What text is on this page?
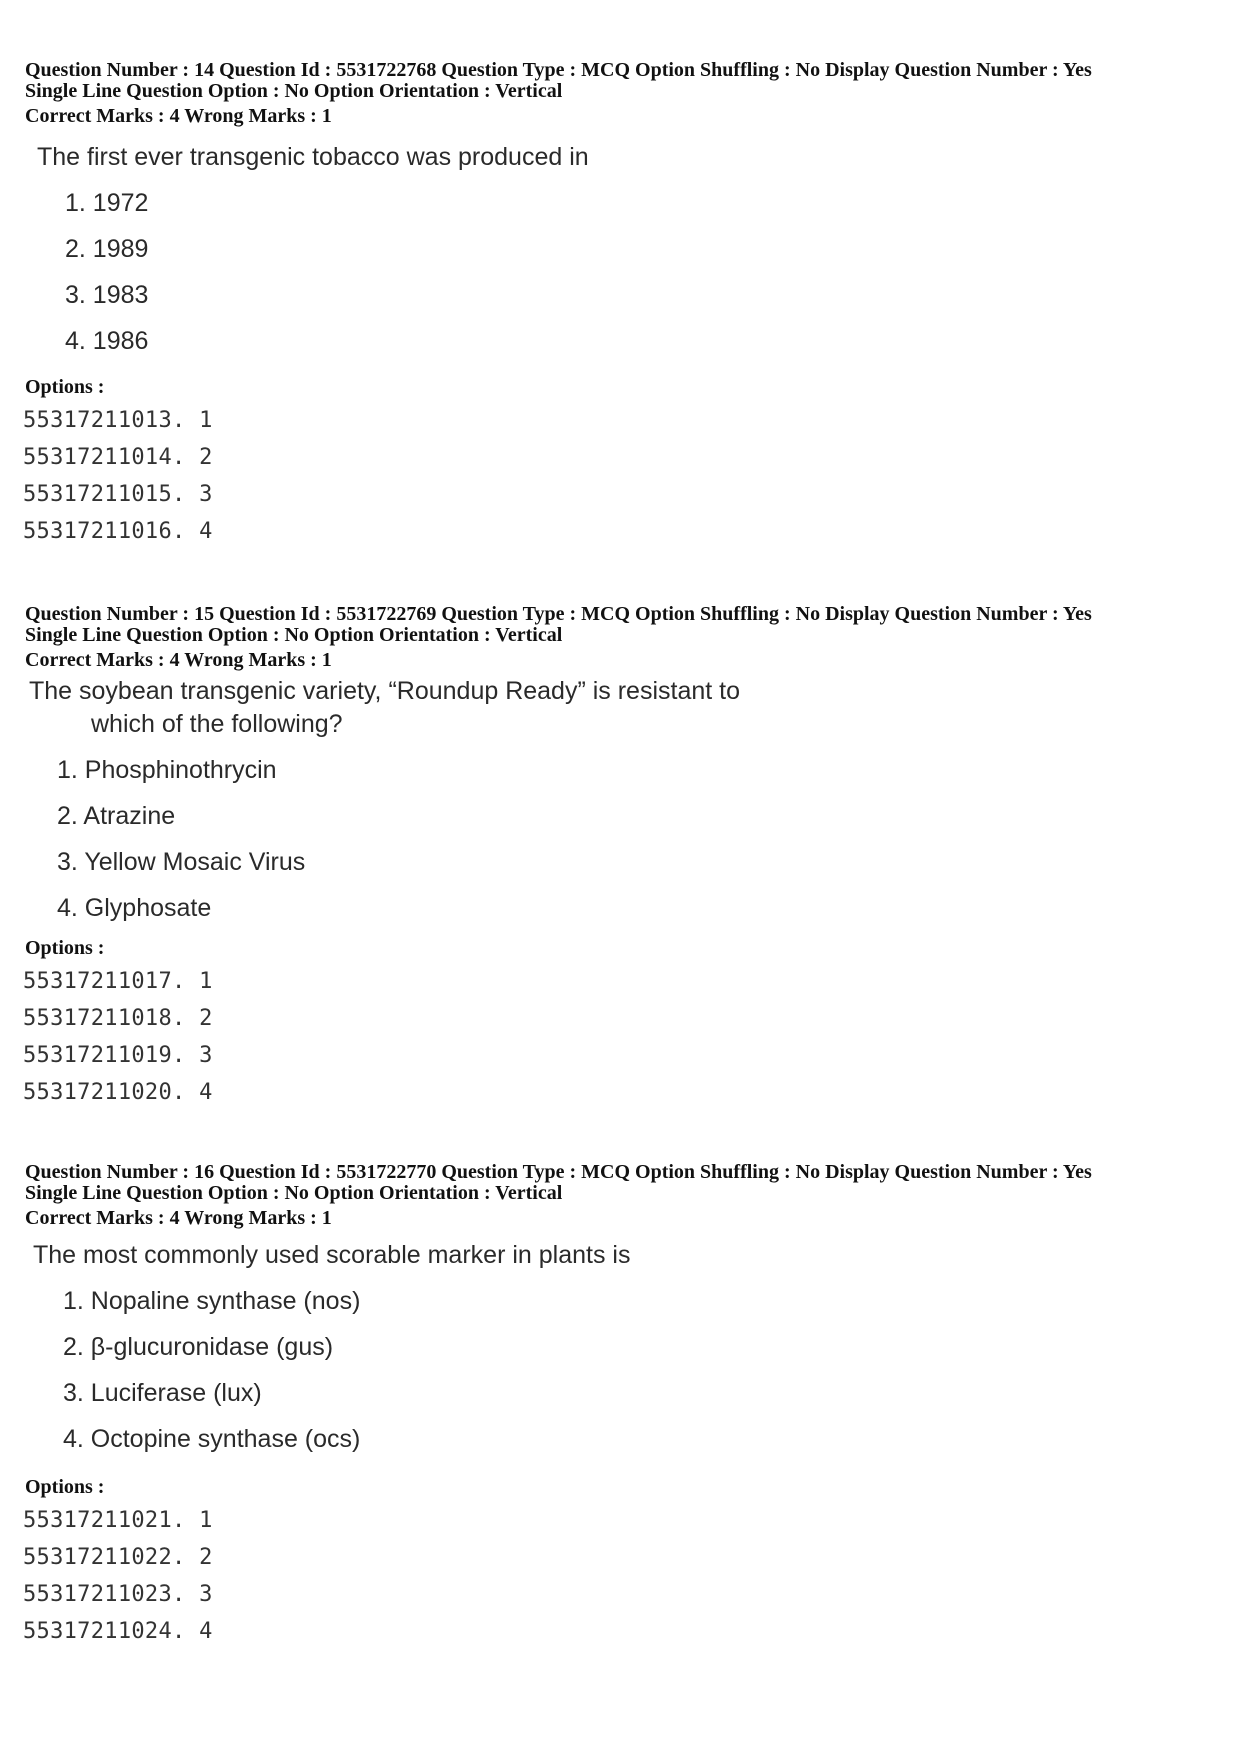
Question Number : 14 Question Id : 5531722768 Question Type : MCQ Option Shuffling : No Display Question Number : Yes
Single Line Question Option : No Option Orientation : Vertical
Correct Marks : 4 Wrong Marks : 1
The first ever transgenic tobacco was produced in
1. 1972
2. 1989
3. 1983
4. 1986
Options :
55317211013. 1
55317211014. 2
55317211015. 3
55317211016. 4
Question Number : 15 Question Id : 5531722769 Question Type : MCQ Option Shuffling : No Display Question Number : Yes
Single Line Question Option : No Option Orientation : Vertical
Correct Marks : 4 Wrong Marks : 1
The soybean transgenic variety, “Roundup Ready” is resistant to
which of the following?
1. Phosphinothrycin
2. Atrazine
3. Yellow Mosaic Virus
4. Glyphosate
Options :
55317211017. 1
55317211018. 2
55317211019. 3
55317211020. 4
Question Number : 16 Question Id : 5531722770 Question Type : MCQ Option Shuffling : No Display Question Number : Yes
Single Line Question Option : No Option Orientation : Vertical
Correct Marks : 4 Wrong Marks : 1
The most commonly used scorable marker in plants is
1. Nopaline synthase (nos)
2. β-glucuronidase (gus)
3. Luciferase (lux)
4. Octopine synthase (ocs)
Options :
55317211021. 1
55317211022. 2
55317211023. 3
55317211024. 4
